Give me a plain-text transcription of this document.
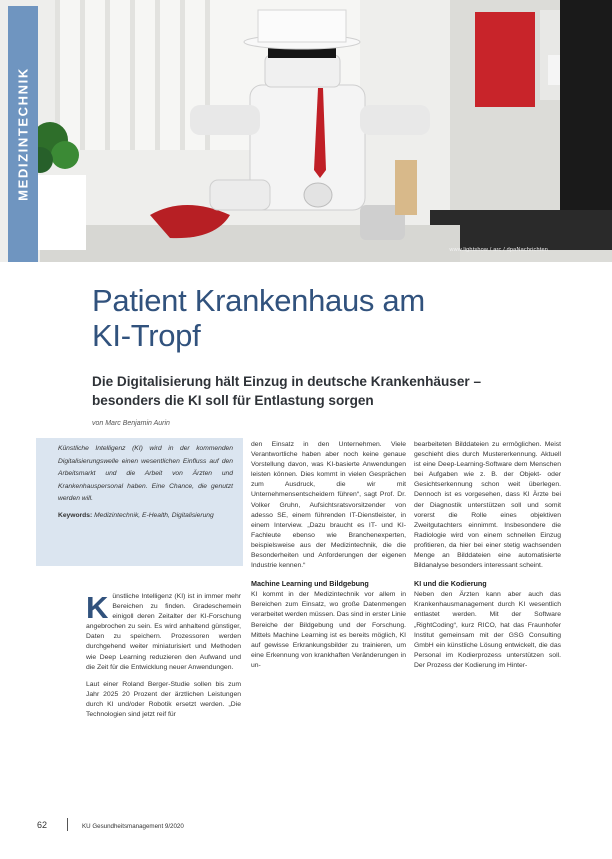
www.lightshow / arc / dpaNachrichten
MEDIZINTECHNIK
Patient Krankenhaus am
KI-Tropf
Die Digitalisierung hält Einzug in deutsche Krankenhäuser –
besonders die KI soll für Entlastung sorgen
von Marc Benjamin Aurin
Künstliche Intelligenz (KI) wird in der kommenden Digitalisierungswelle einen wesentlichen Einfluss auf den Arbeitsmarkt und die Arbeit von Ärzten und Krankenhauspersonal haben. Eine Chance, die genutzt werden will.
Keywords: Medizintechnik, E-Health, Digitalisierung

Künstliche Intelligenz (KI) ist in immer mehr Bereichen zu finden. Gradeschemein einigoll deren Zeitalter der KI-Forschung angebrochen zu sein. Es wird anhaltend günstiger, Daten zu speichern. Prozessoren werden durchgehend weiter miniaturisiert und Methoden wie Deep Learning reduzieren den Aufwand und die Zeit für die Entwicklung neuer Anwendungen.

Laut einer Roland Berger-Studie sollen bis zum Jahr 2025 20 Prozent der ärztlichen Leistungen durch KI und/oder Robotik ersetzt werden. „Die Technologien sind jetzt reif für

den Einsatz in den Unternehmen. Viele Verantwortliche haben aber noch keine genaue Vorstellung davon, was KI-basierte Anwendungen leisten können. Dies kommt in vielen Gesprächen zum Ausdruck, die wir mit Unternehmensentscheidern führen“, sagt Prof. Dr. Volker Gruhn, Aufsichtsratsvorsitzender von adesso SE, einem führenden IT-Dienstleister, in einem Interview. „Dazu braucht es IT- und KI-Fachleute ebenso wie Branchenexperten, beispielsweise aus der Medizintechnik, die die Besonderheiten und Anforderungen der eigenen Industrie kennen.“

Machine Learning und Bildgebung

KI kommt in der Medizintechnik vor allem in Bereichen zum Einsatz, wo große Datenmengen verarbeitet werden müssen. Das sind in erster Linie Bereiche der Bildgebung und der Forschung. Mittels Machine Learning ist es bereits möglich, KI auf gewisse Erkrankungsbilder zu trainieren, um eine Erkennung von krankhaften Veränderungen in un-

bearbeiteten Bilddateien zu ermöglichen. Meist geschieht dies durch Mustererkennung. Aktuell ist eine Deep-Learning-Software dem Menschen bei Aufgaben wie z. B. der Objekt- oder Gesichtserkennung schon weit überlegen. Dennoch ist es vorgesehen, dass KI Ärzte bei der Diagnostik unterstützen soll und somit vorerst die Rolle eines objektiven Zweitgutachters einnimmt. Insbesondere die Radiologie wird von einem schnellen Einzug profitieren, da hier bei einer stetig wachsenden Menge an Bilddateien eine automatisierte Bildanalyse besonders interessant scheint.

KI und die Kodierung

Neben den Ärzten kann aber auch das Krankenhausmanagement durch KI wesentlich entlastet werden. Mit der Software „RightCoding“, kurz RICO, hat das Fraunhofer Institut gemeinsam mit der GSG Consulting GmbH ein künstliche Lösung entwickelt, die das Personal im Kodierprozess unterstützen soll. Der Prozess der Kodierung im Hinter-

62	KU Gesundheitsmanagement 9/2020
